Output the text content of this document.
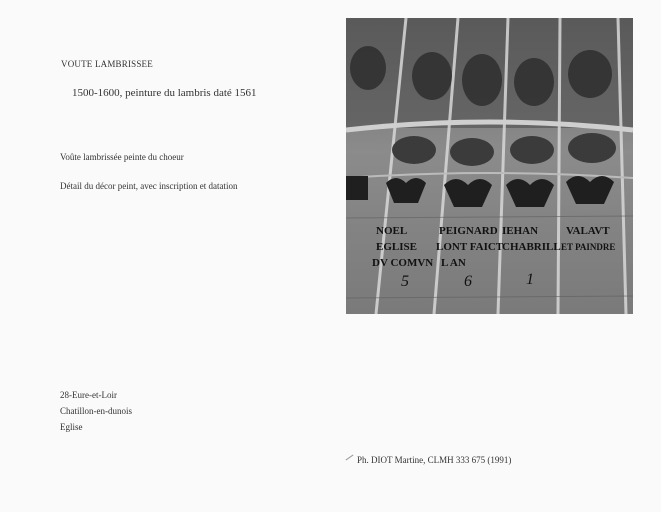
VOUTE LAMBRISSEE
1500-1600, peinture du lambris daté 1561
Voûte lambrissée peinte du choeur
Détail du décor peint, avec inscription et datation
28-Eure-et-Loir
Chatillon-en-dunois
Eglise
Ph. DIOT Martine, CLMH 333 675 (1991)
NOEL	PEIGNARD IEHAN	VALAVT
EGLISE LONT FAICT
CHABRILL ET PAINDRE
DV COMVN L AN
5	6	1
